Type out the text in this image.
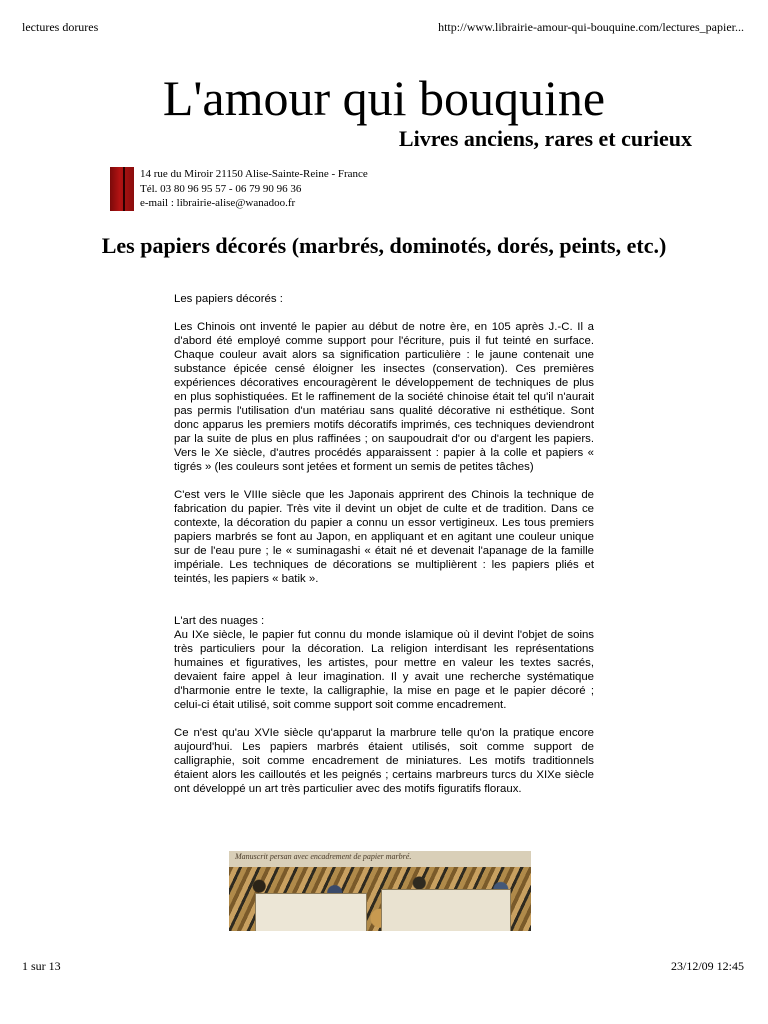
lectures dorures	http://www.librairie-amour-qui-bouquine.com/lectures_papier...
L'amour qui bouquine
Livres anciens, rares et curieux
14 rue du Miroir 21150 Alise-Sainte-Reine - France
Tél. 03 80 96 95 57 - 06 79 90 96 36
e-mail : librairie-alise@wanadoo.fr
Les papiers décorés (marbrés, dominotés, dorés, peints, etc.)

Les papiers décorés :

Les Chinois ont inventé le papier au début de notre ère, en 105 après J.-C. Il a d'abord été employé comme support pour l'écriture, puis il fut teinté en surface. Chaque couleur avait alors sa signification particulière : le jaune contenait une substance épicée censé éloigner les insectes (conservation). Ces premières expériences décoratives encouragèrent le développement de techniques de plus en plus sophistiquées. Et le raffinement de la société chinoise était tel qu'il n'aurait pas permis l'utilisation d'un matériau sans qualité décorative ni esthétique. Sont donc apparus les premiers motifs décoratifs imprimés, ces techniques deviendront par la suite de plus en plus raffinées ; on saupoudrait d'or ou d'argent les papiers. Vers le Xe siècle, d'autres procédés apparaissent : papier à la colle et papiers « tigrés » (les couleurs sont jetées et forment un semis de petites tâches)

C'est vers le VIIIe siècle que les Japonais apprirent des Chinois la technique de fabrication du papier. Très vite il devint un objet de culte et de tradition. Dans ce contexte, la décoration du papier a connu un essor vertigineux. Les tous premiers papiers marbrés se font au Japon, en appliquant et en agitant une couleur unique sur de l'eau pure ; le « suminagashi « était né et devenait l'apanage de la famille impériale. Les techniques de décorations se multiplièrent : les papiers pliés et teintés, les papiers « batik ».

L'art des nuages :

Au IXe siècle, le papier fut connu du monde islamique où il devint l'objet de soins très particuliers pour la décoration. La religion interdisant les représentations humaines et figuratives, les artistes, pour mettre en valeur les textes sacrés, devaient faire appel à leur imagination. Il y avait une recherche systématique d'harmonie entre le texte, la calligraphie, la mise en page et le papier décoré ; celui-ci était utilisé, soit comme support soit comme encadrement.

Ce n'est qu'au XVIe siècle qu'apparut la marbrure telle qu'on la pratique encore aujourd'hui. Les papiers marbrés étaient utilisés, soit comme support de calligraphie, soit comme encadrement de miniatures. Les motifs traditionnels étaient alors les cailloutés et les peignés ; certains marbreurs turcs du XIXe siècle ont développé un art très particulier avec des motifs figuratifs floraux.

Manuscrit persan avec encadrement de papier marbré.
1 sur 13	23/12/09 12:45
